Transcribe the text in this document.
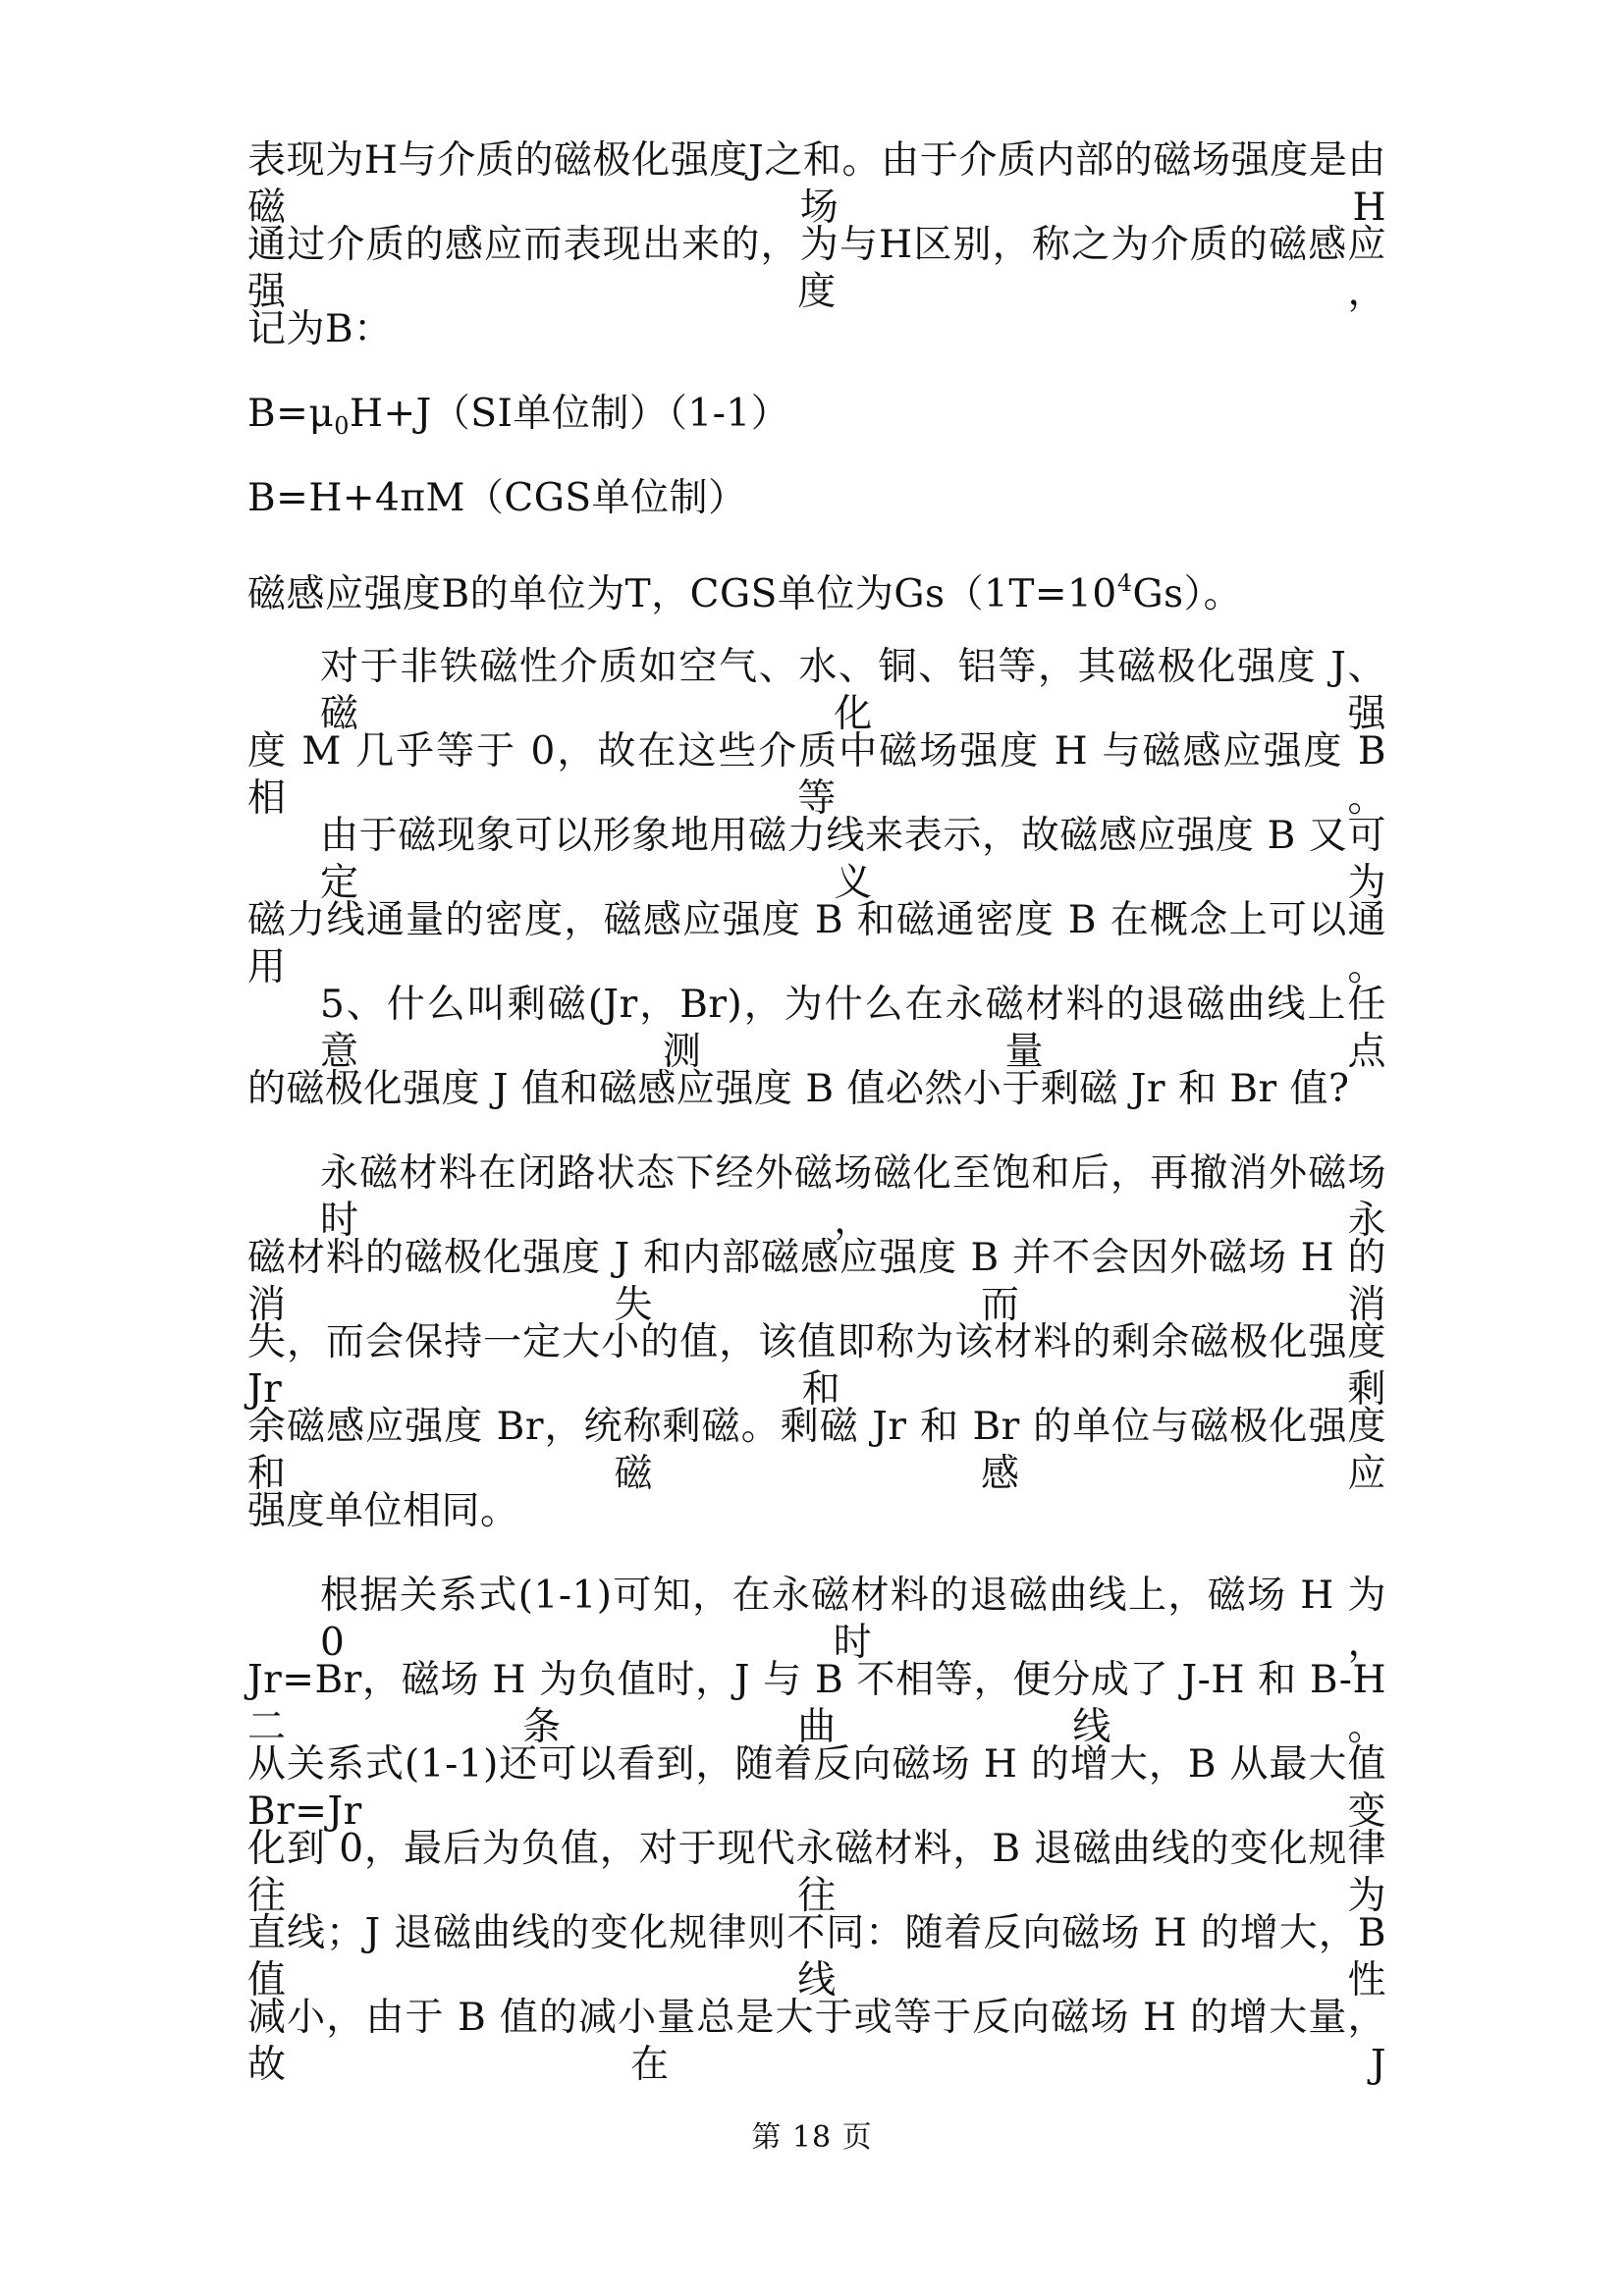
表现为H与介质的磁极化强度J之和。由于介质内部的磁场强度是由磁场H
通过介质的感应而表现出来的，为与H区别，称之为介质的磁感应强度，
记为B：
$B=\mu_0H+J(SI$单位制）（1-1）
B=H+4πM（CGS单位制）
磁感应强度B的单位为T，CGS单位为$Gs(1T=10^4Gs)$。
对于非铁磁性介质如空气、水、铜、铝等，其磁极化强度 J、磁化强
度 M 几乎等于 0，故在这些介质中磁场强度 H 与磁感应强度 B 相等。
由于磁现象可以形象地用磁力线来表示，故磁感应强度 B 又可定义为
磁力线通量的密度，磁感应强度 B 和磁通密度 B 在概念上可以通用。
5、什么叫剩磁(Jr，Br)，为什么在永磁材料的退磁曲线上任意测量点
的磁极化强度 J 值和磁感应强度 B 值必然小于剩磁 Jr 和 Br 值?
永磁材料在闭路状态下经外磁场磁化至饱和后，再撤消外磁场时，永
磁材料的磁极化强度 J 和内部磁感应强度 B 并不会因外磁场 H 的消失而消
失，而会保持一定大小的值，该值即称为该材料的剩余磁极化强度 Jr 和剩
余磁感应强度 Br，统称剩磁。剩磁 Jr 和 Br 的单位与磁极化强度和磁感应
强度单位相同。
根据关系式(1-1)可知，在永磁材料的退磁曲线上，磁场 H 为 0 时，
Jr=Br，磁场 H 为负值时，J 与 B 不相等，便分成了 J-H 和 B-H 二条曲线。
从关系式(1-1)还可以看到，随着反向磁场 H 的增大，B 从最大值 Br=Jr 变
化到 0，最后为负值，对于现代永磁材料，B 退磁曲线的变化规律往往为
直线；J 退磁曲线的变化规律则不同：随着反向磁场 H 的增大，B 值线性
减小，由于 B 值的减小量总是大于或等于反向磁场 H 的增大量，故在 J
第 18 页
